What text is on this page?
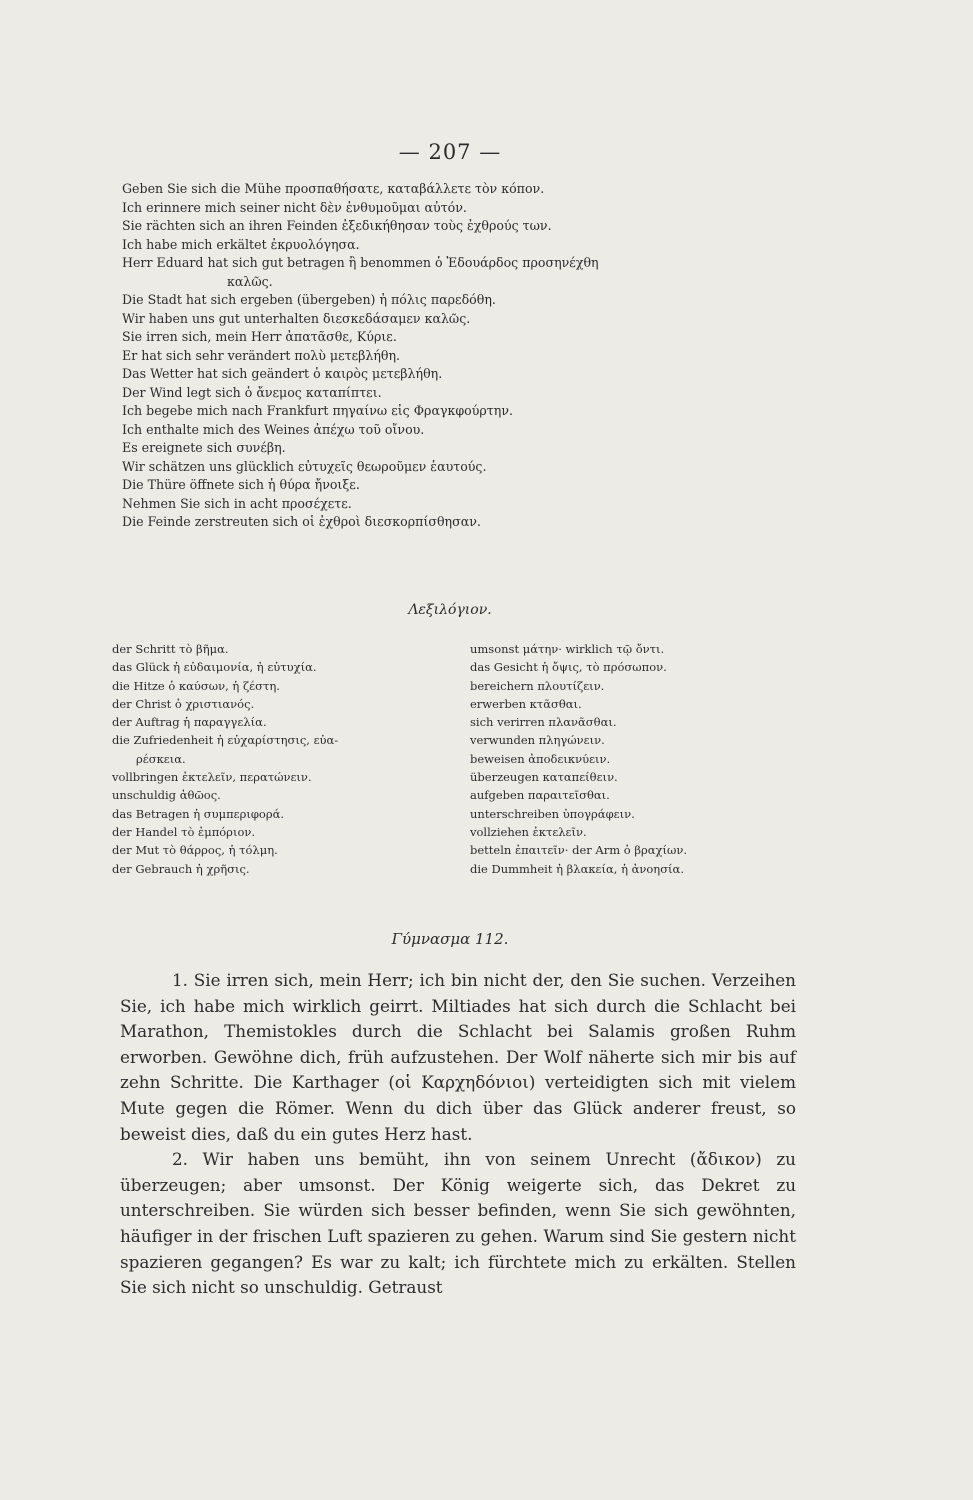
— 207 —
Geben Sie sich die Mühe προσπαθήσατε, καταβάλλετε τὸν κόπον.
Ich erinnere mich seiner nicht δὲν ἐνθυμοῦμαι αὐτόν.
Sie rächten sich an ihren Feinden ἐξεδικήθησαν τοὺς ἐχθρούς των.
Ich habe mich erkältet ἐκρυολόγησα.
Herr Eduard hat sich gut betragen ἢ benommen ὁ Ἐδουάρδος προσηνέχθη
καλῶς.
Die Stadt hat sich ergeben (übergeben) ἡ πόλις παρεδόθη.
Wir haben uns gut unterhalten διεσκεδάσαμεν καλῶς.
Sie irren sich, mein Herr ἀπατᾶσθε, Κύριε.
Er hat sich sehr verändert πολὺ μετεβλήθη.
Das Wetter hat sich geändert ὁ καιρὸς μετεβλήθη.
Der Wind legt sich ὁ ἄνεμος καταπίπτει.
Ich begebe mich nach Frankfurt πηγαίνω εἰς Φραγκφούρτην.
Ich enthalte mich des Weines ἀπέχω τοῦ οἴνου.
Es ereignete sich συνέβη.
Wir schätzen uns glücklich εὐτυχεῖς θεωροῦμεν ἑαυτούς.
Die Thüre öffnete sich ἡ θύρα ἤνοιξε.
Nehmen Sie sich in acht προσέχετε.
Die Feinde zerstreuten sich οἱ ἐχθροὶ διεσκορπίσθησαν.
Λεξιλόγιον.
der Schritt τὸ βῆμα.
das Glück ἡ εὐδαιμονία, ἡ εὐτυχία.
die Hitze ὁ καύσων, ἡ ζέστη.
der Christ ὁ χριστιανός.
der Auftrag ἡ παραγγελία.
die Zufriedenheit ἡ εὐχαρίστησις, εὐα-
ρέσκεια.
vollbringen ἐκτελεῖν, περατώνειν.
unschuldig ἀθῶος.
das Betragen ἡ συμπεριφορά.
der Handel τὸ ἐμπόριον.
der Mut τὸ θάρρος, ἡ τόλμη.
der Gebrauch ἡ χρῆσις.
umsonst μάτην· wirklich τῷ ὄντι.
das Gesicht ἡ ὄψις, τὸ πρόσωπον.
bereichern πλουτίζειν.
erwerben κτᾶσθαι.
sich verirren πλανᾶσθαι.
verwunden πληγώνειν.
beweisen ἀποδεικνύειν.
überzeugen καταπείθειν.
aufgeben παραιτεῖσθαι.
unterschreiben ὑπογράφειν.
vollziehen ἐκτελεῖν.
betteln ἐπαιτεῖν· der Arm ὁ βραχίων.
die Dummheit ἡ βλακεία, ἡ ἀνοησία.
Γύμνασμα 112.

1. Sie irren sich, mein Herr; ich bin nicht der, den Sie suchen. Verzeihen Sie, ich habe mich wirklich geirrt. Miltiades hat sich durch die Schlacht bei Marathon, Themistokles durch die Schlacht bei Salamis großen Ruhm erworben. Gewöhne dich, früh aufzustehen. Der Wolf näherte sich mir bis auf zehn Schritte. Die Karthager (οἱ Καρχηδόνιοι) verteidigten sich mit vielem Mute gegen die Römer. Wenn du dich über das Glück anderer freust, so beweist dies, daß du ein gutes Herz hast.

2. Wir haben uns bemüht, ihn von seinem Unrecht (ἄδικον) zu überzeugen; aber umsonst. Der König weigerte sich, das Dekret zu unterschreiben. Sie würden sich besser befinden, wenn Sie sich gewöhnten, häufiger in der frischen Luft spazieren zu gehen. Warum sind Sie gestern nicht spazieren gegangen? Es war zu kalt; ich fürchtete mich zu erkälten. Stellen Sie sich nicht so unschuldig. Getraust
